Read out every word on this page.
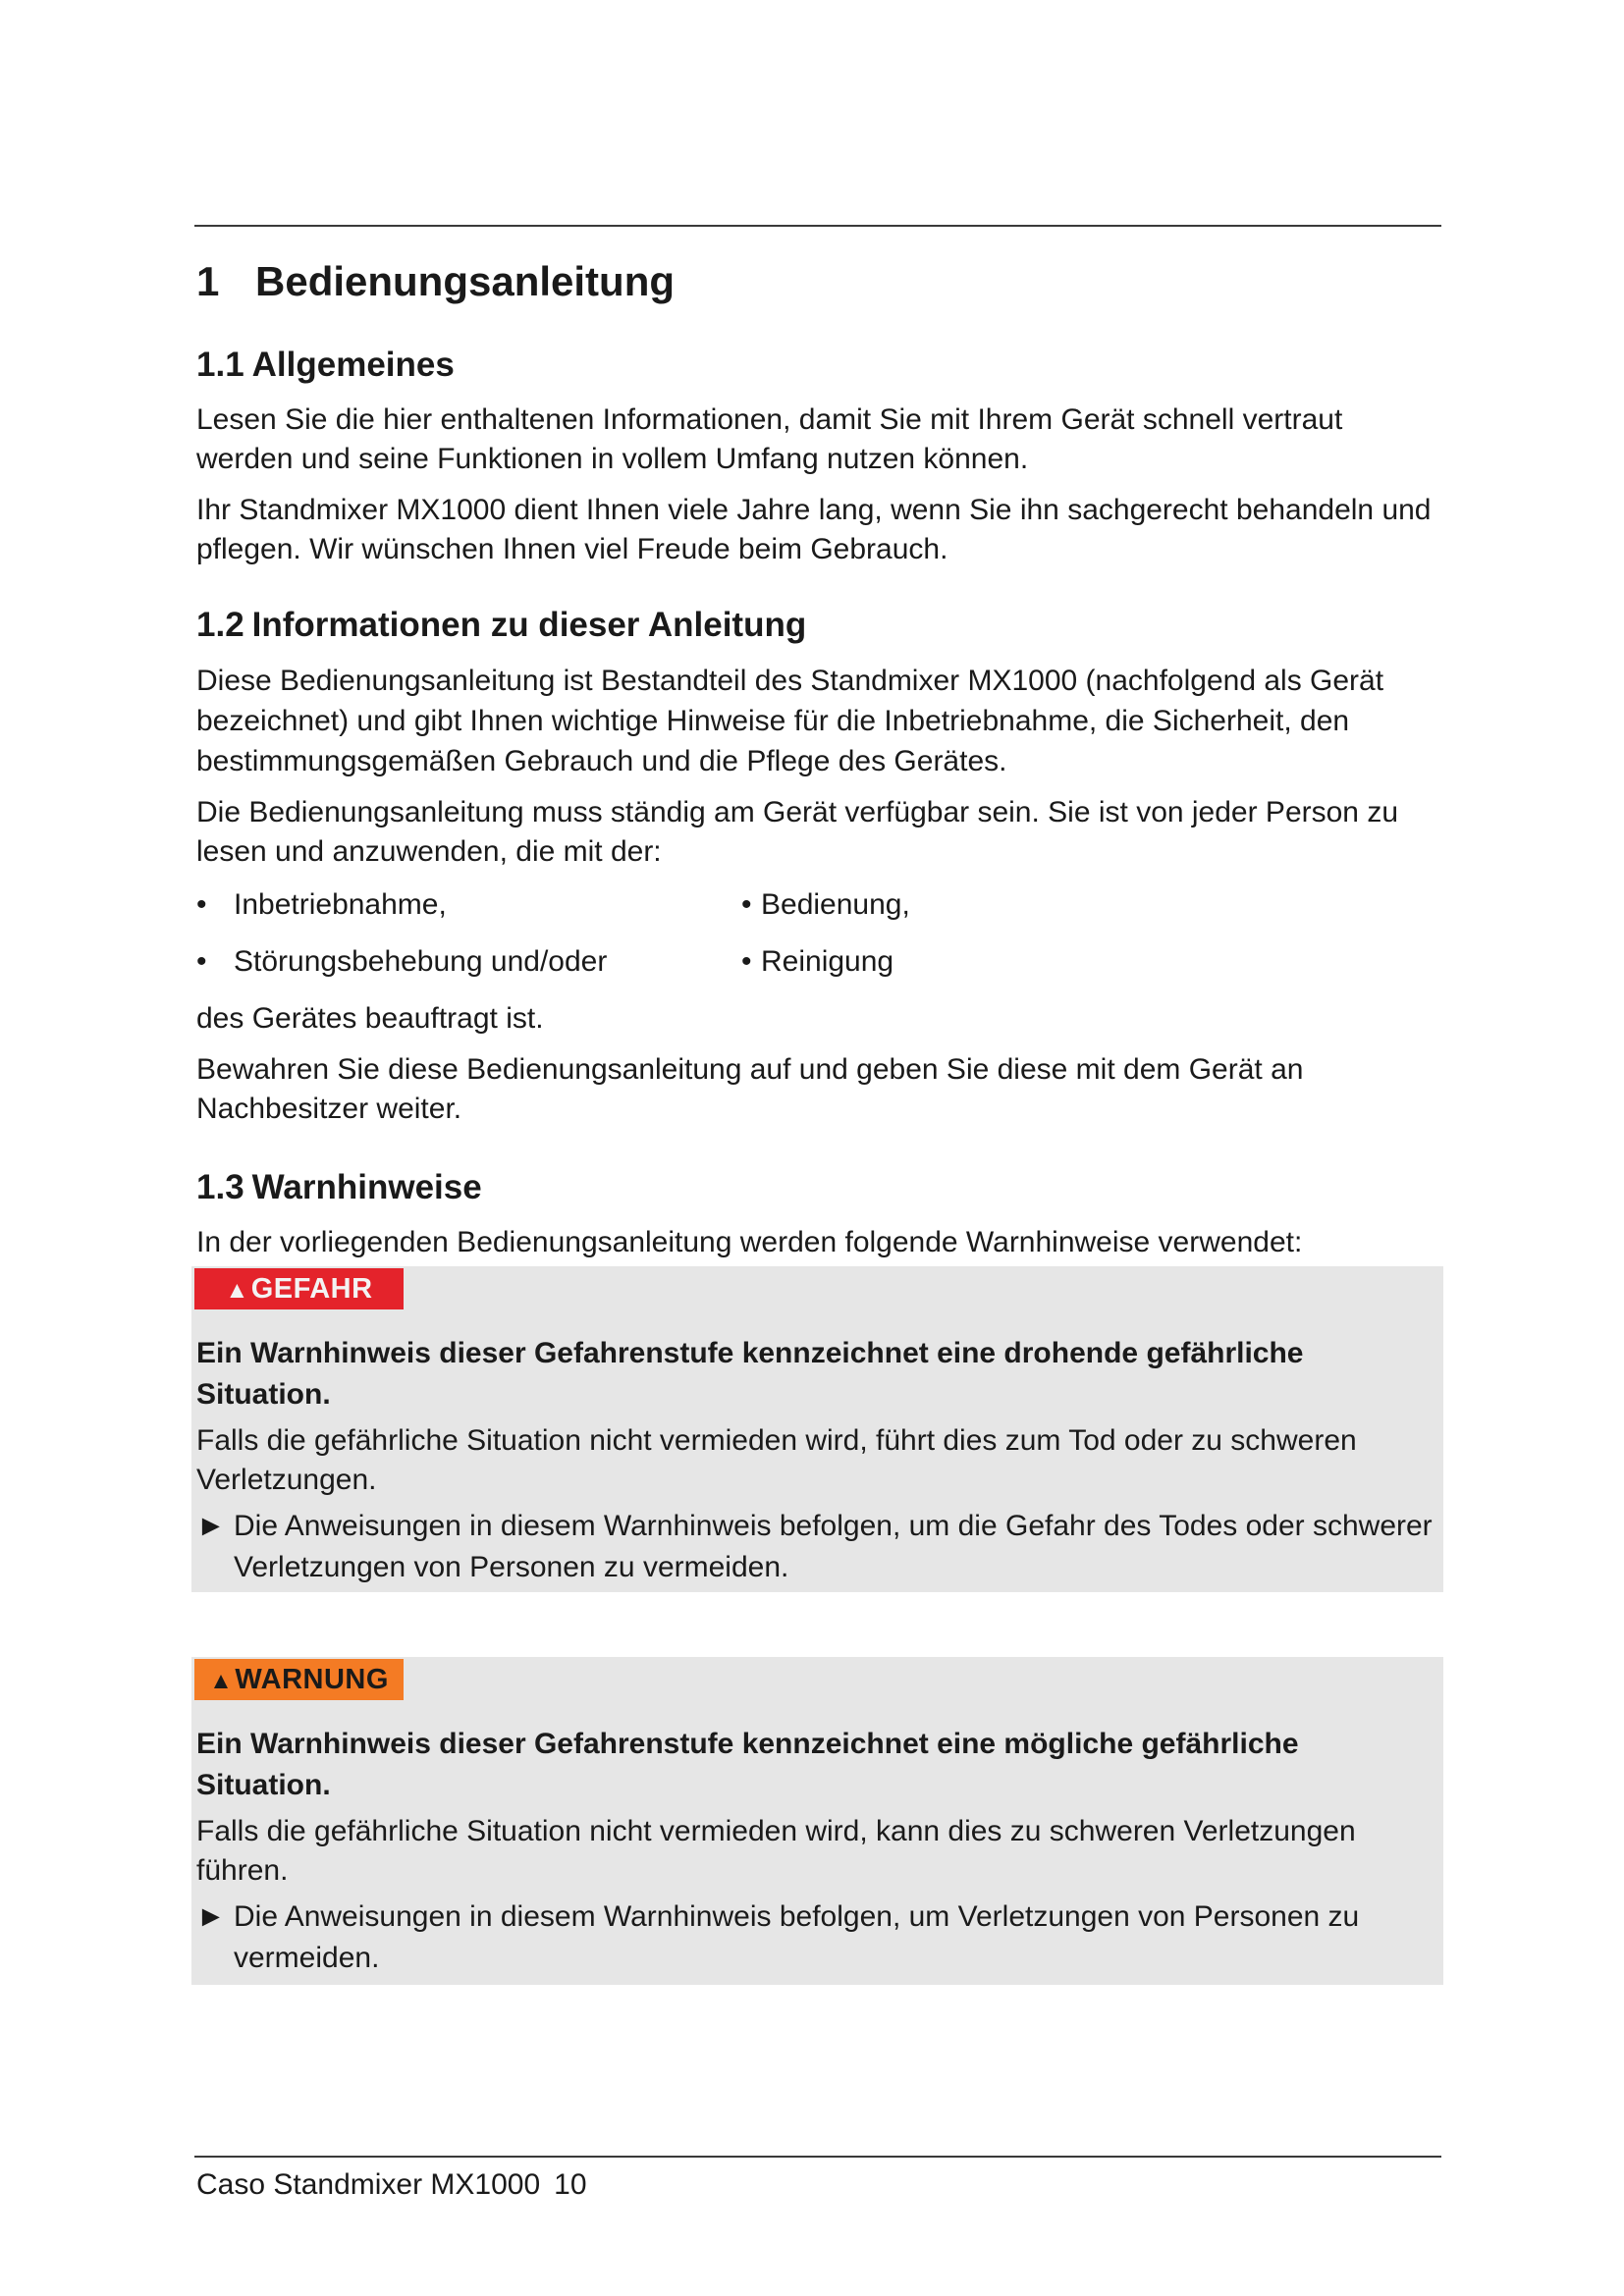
1 Bedienungsanleitung
1.1 Allgemeines

Lesen Sie die hier enthaltenen Informationen, damit Sie mit Ihrem Gerät schnell vertraut werden und seine Funktionen in vollem Umfang nutzen können.

Ihr Standmixer MX1000 dient Ihnen viele Jahre lang, wenn Sie ihn sachgerecht behandeln und pflegen. Wir wünschen Ihnen viel Freude beim Gebrauch.

1.2 Informationen zu dieser Anleitung

Diese Bedienungsanleitung ist Bestandteil des Standmixer MX1000 (nachfolgend als Gerät bezeichnet) und gibt Ihnen wichtige Hinweise für die Inbetriebnahme, die Sicherheit, den bestimmungsgemäßen Gebrauch und die Pflege des Gerätes.

Die Bedienungsanleitung muss ständig am Gerät verfügbar sein. Sie ist von jeder Person zu lesen und anzuwenden, die mit der:

• Inbetriebnahme,	• Bedienung,
• Störungsbehebung und/oder	• Reinigung

des Gerätes beauftragt ist.

Bewahren Sie diese Bedienungsanleitung auf und geben Sie diese mit dem Gerät an Nachbesitzer weiter.

1.3 Warnhinweise

In der vorliegenden Bedienungsanleitung werden folgende Warnhinweise verwendet:

▲GEFAHR
Ein Warnhinweis dieser Gefahrenstufe kennzeichnet eine drohende gefährliche Situation.

Falls die gefährliche Situation nicht vermieden wird, führt dies zum Tod oder zu schweren Verletzungen.

► Die Anweisungen in diesem Warnhinweis befolgen, um die Gefahr des Todes oder schwerer Verletzungen von Personen zu vermeiden.
▲WARNUNG
Ein Warnhinweis dieser Gefahrenstufe kennzeichnet eine mögliche gefährliche Situation.

Falls die gefährliche Situation nicht vermieden wird, kann dies zu schweren Verletzungen führen.

► Die Anweisungen in diesem Warnhinweis befolgen, um Verletzungen von Personen zu vermeiden.
Caso Standmixer MX1000 10
